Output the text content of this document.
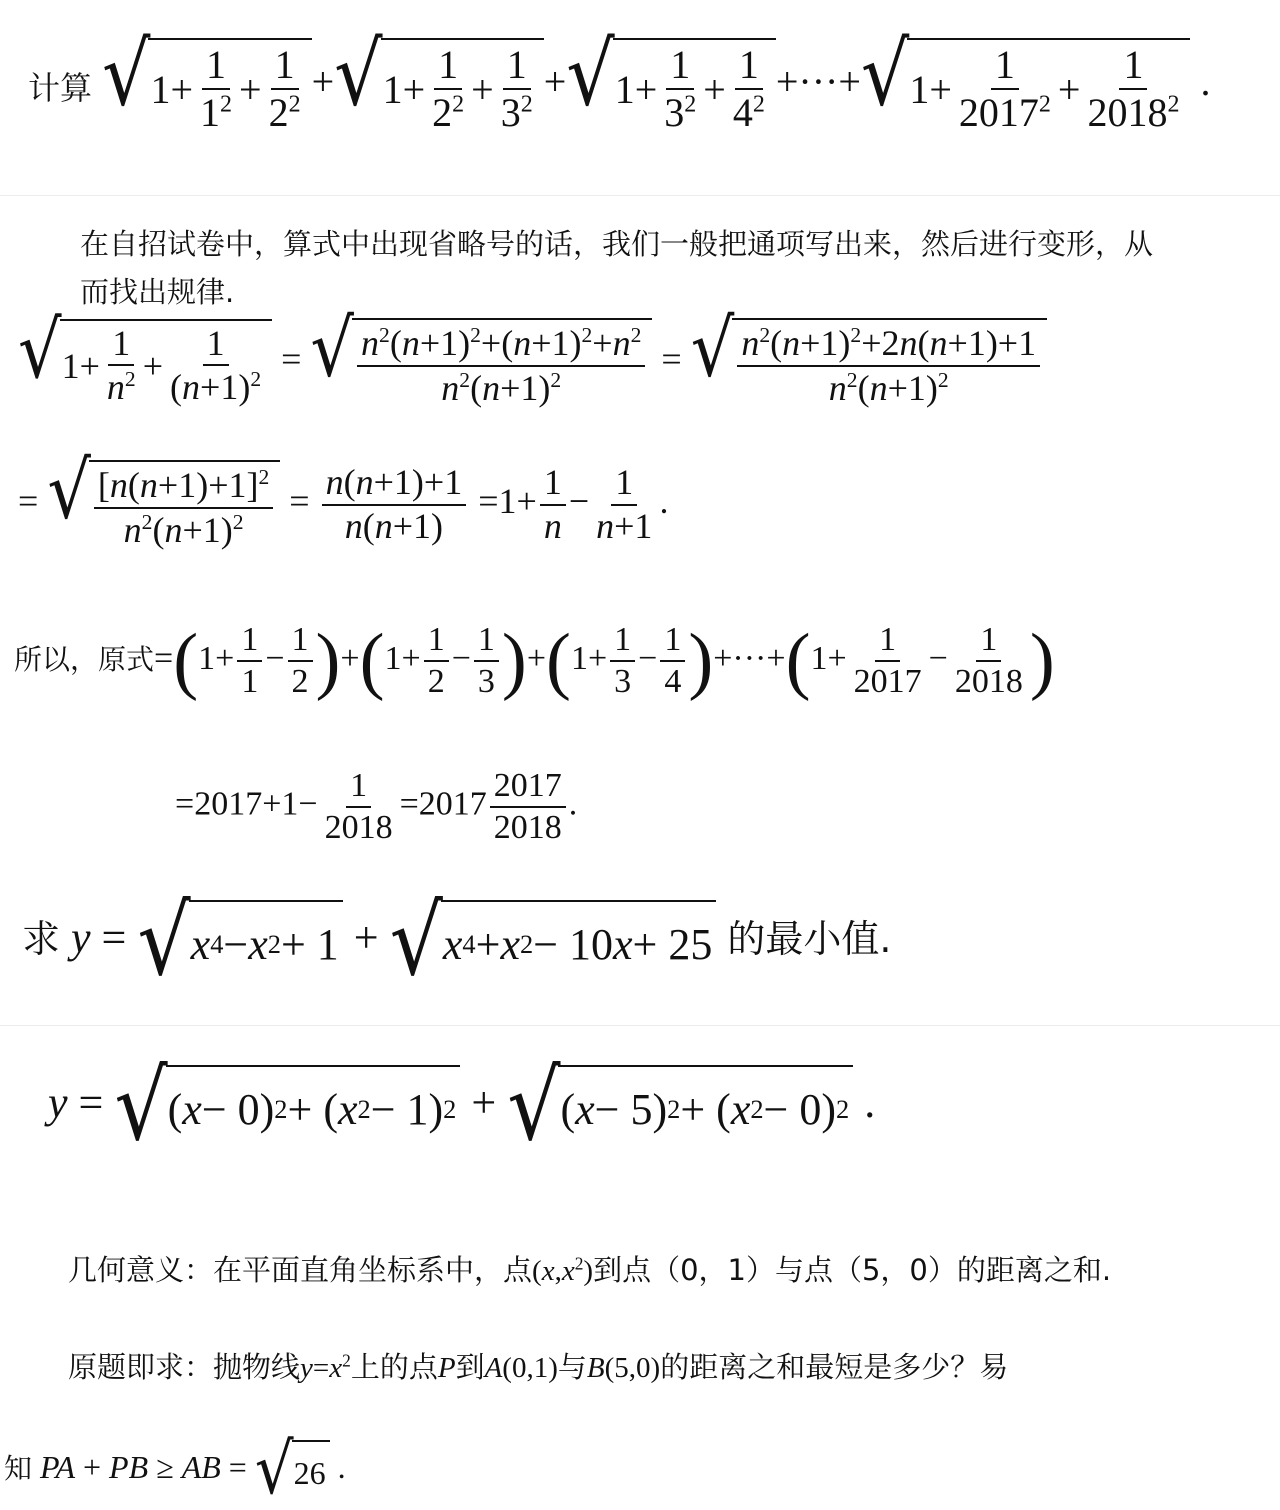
计算 √ $1+ \frac{1}{1^2} + \frac{1}{2^2}$ + √ $1+ \frac{1}{2^2} + \frac{1}{3^2}$ + √ $1+ \frac{1}{3^2} + \frac{1}{4^2}$ +···+ √ $1+ \frac{1}{2017^2} + \frac{1}{2018^2}$ .
在自招试卷中，算式中出现省略号的话，我们一般把通项写出来，然后进行变形，从
而找出规律.
√ $1+ \frac{1}{n^2} + \frac{1}{(n+1)^2}$ = √ $\frac{n^2(n+1)^2+(n+1)^2+n^2}{n^2(n+1)^2}$ = √ $\frac{n^2(n+1)^2+2n(n+1)+1}{n^2(n+1)^2}$
= √ $\frac{[n(n+1)+1]^2}{n^2(n+1)^2} = \frac{n(n+1)+1}{n(n+1)} =1+ \frac{1}{n} - \frac{1}{n+1}$ .
所以，原式$=(1+ \frac{1}{1} - \frac{1}{2} )+(1+ \frac{1}{2} - \frac{1}{3} )+(1+ \frac{1}{3} - \frac{1}{4} )+\cdot\cdot\cdot+(1+ \frac{1}{2017} - \frac{1}{2018}$ )
$=2017+1- \frac{1}{2018} =2017 \frac{2017}{2018}$ .
求 y = √ x 4 − x 2 + 1 + √ x 4 + x 2 − 10 x + 25 的最小值.
y = √ ( x − 0) 2 + ( x 2 − 1) 2 + √ ( x − 5) 2 + ( x 2 − 0) 2 .
几何意义：在平面直角坐标系中，点$(x,x^2)$到点（0，1）与点（5，0）的距离之和.
原题即求：抛物线$y=x^2$上的点P到A(0,1)与B(5,0)的距离之和最短是多少？易
知 PA + PB ≥ AB = √ 26 .
